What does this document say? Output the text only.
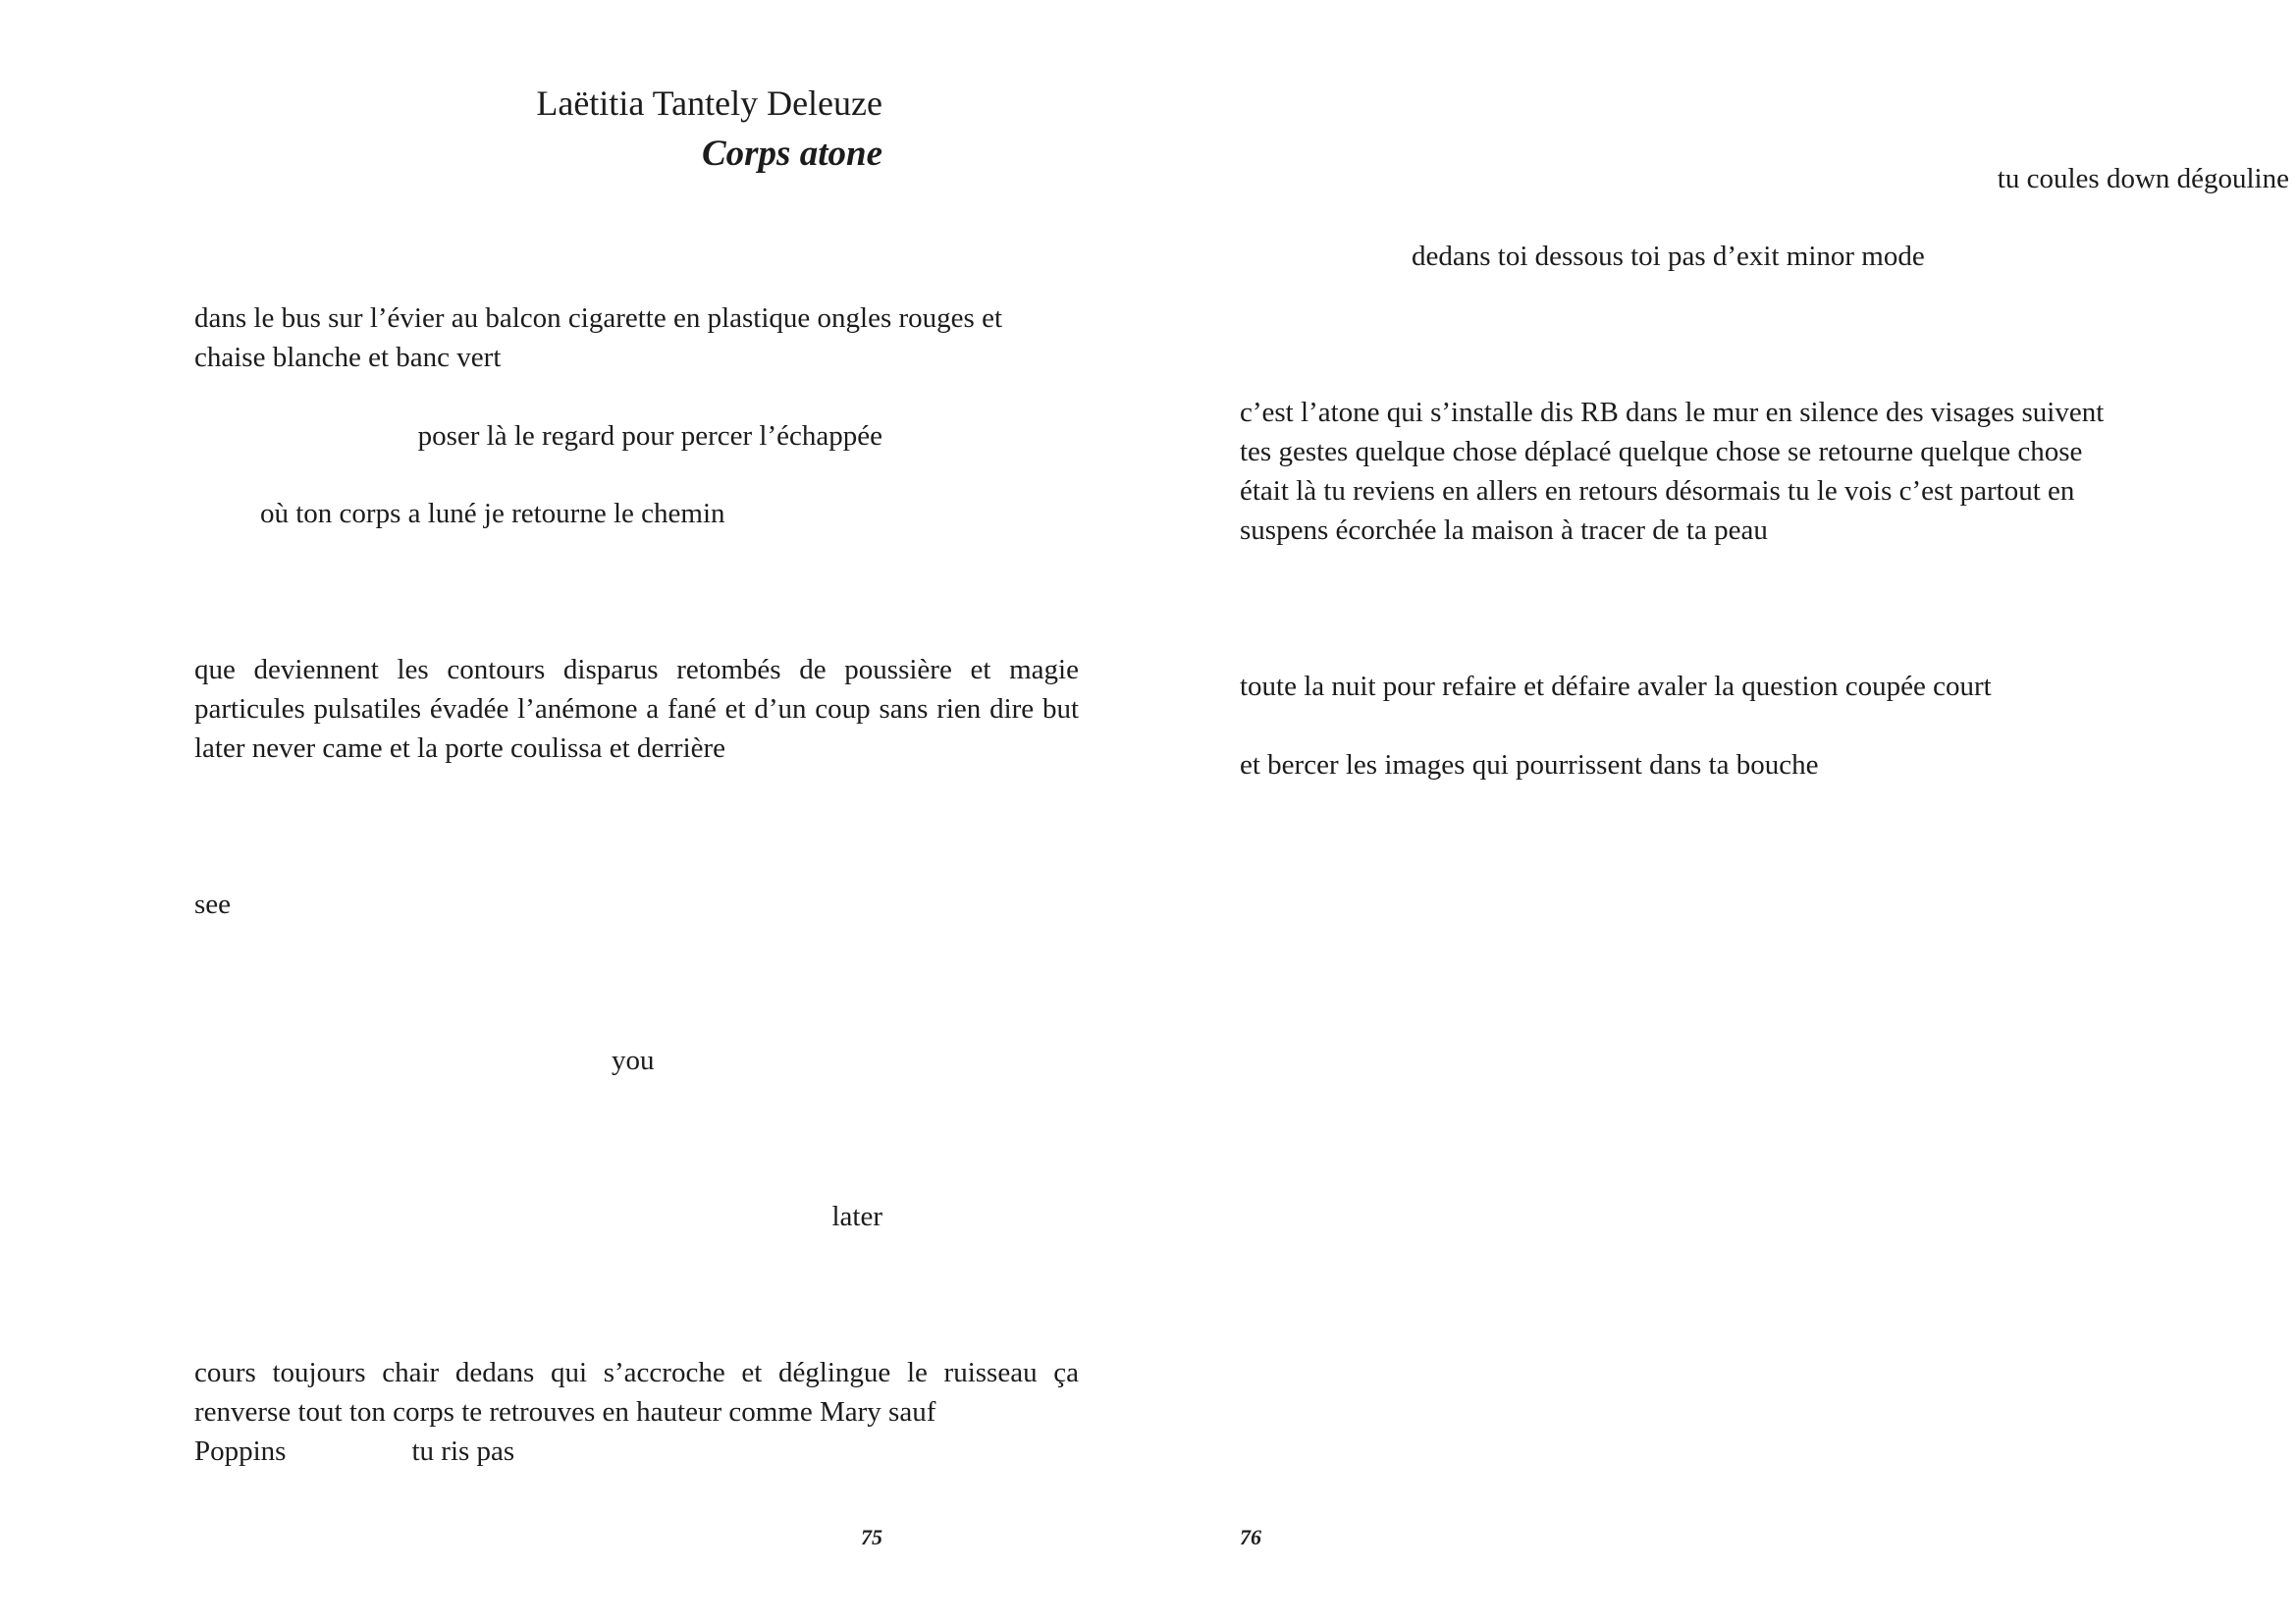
Laëtitia Tantely Deleuze

Corps atone

dans le bus sur l’évier au balcon cigarette en plastique ongles rouges et chaise blanche et banc vert

poser là le regard pour percer l’échappée

où ton corps a luné je retourne le chemin

que deviennent les contours disparus retombés de poussière et magie particules pulsatiles évadée l’anémone a fané et d’un coup sans rien dire but later never came et la porte coulissa et derrière

see

you

later

cours toujours chair dedans qui s’accroche et déglingue le ruisseau ça renverse tout ton corps te retrouves en hauteur comme Mary sauf

Poppins	tu ris pas

75

tu coules down dégouline

dedans toi dessous toi pas d’exit minor mode

c’est l’atone qui s’installe dis RB dans le mur en silence des visages suivent tes gestes quelque chose déplacé quelque chose se retourne quelque chose était là tu reviens en allers en retours désormais tu le vois c’est partout en suspens écorchée la maison à tracer de ta peau

toute la nuit pour refaire et défaire avaler la question coupée court

et bercer les images qui pourrissent dans ta bouche

76
